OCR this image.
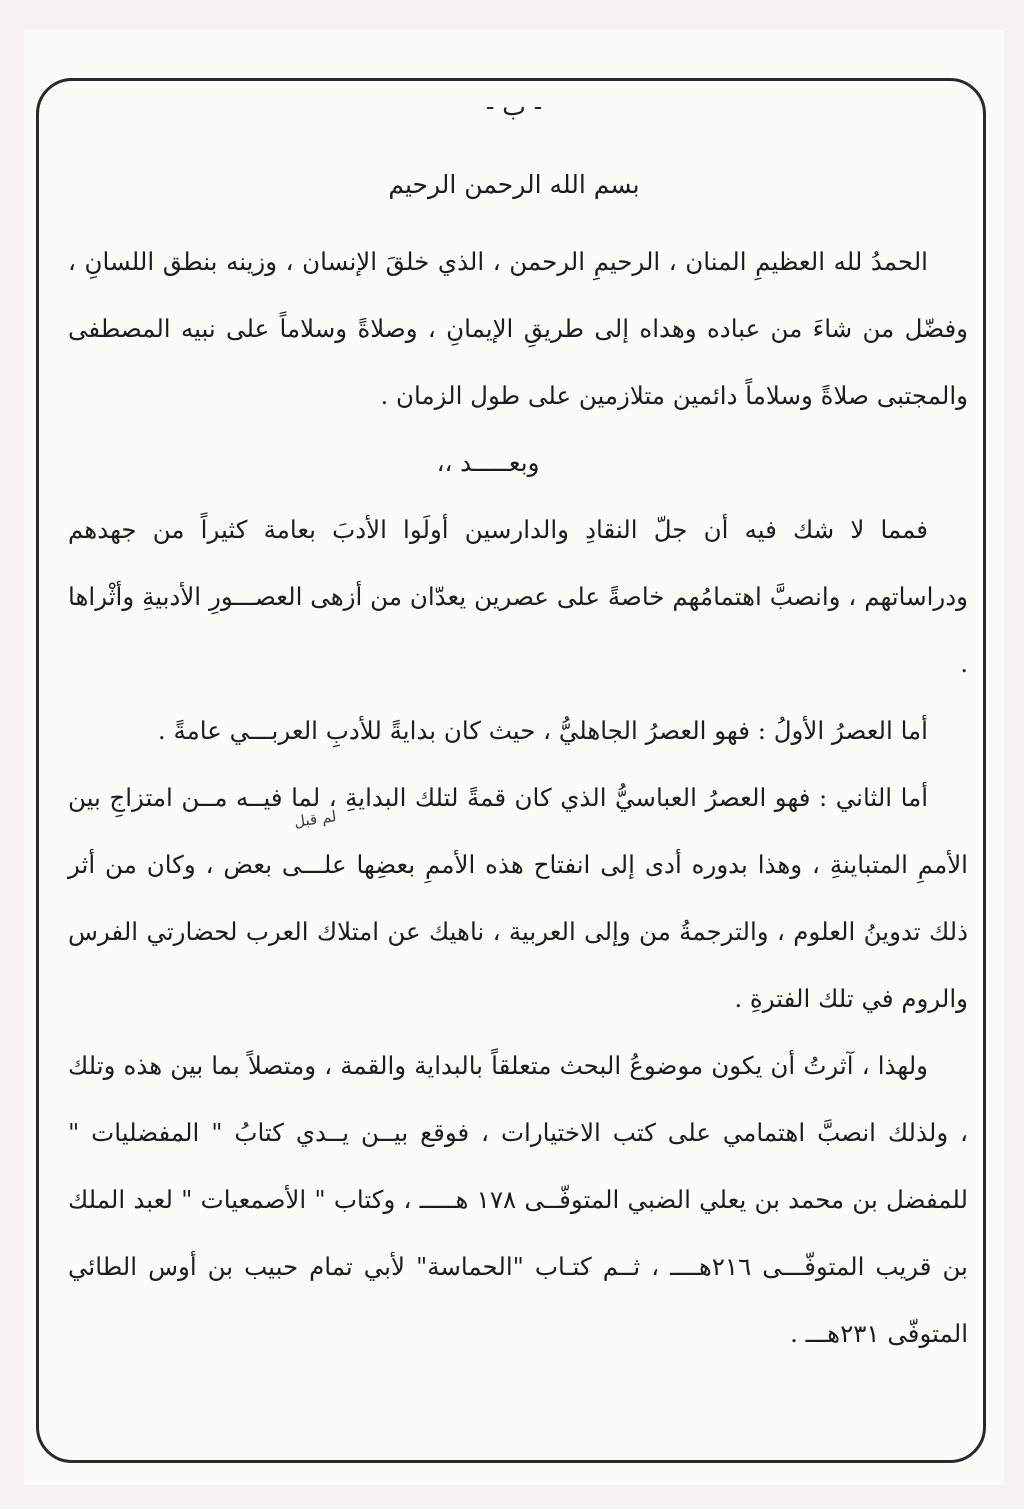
- ب -
بسم الله الرحمن الرحيم
لم قبل

الحمدُ لله العظيمِ المنان ، الرحيمِ الرحمن ، الذي خلقَ الإنسان ، وزينه بنطق اللسانِ ، وفضّل من شاءَ من عباده وهداه إلى طريقِ الإيمانِ ، وصلاةً وسلاماً على نبيه المصطفى والمجتبى صلاةً وسلاماً دائمين متلازمين على طول الزمان .

وبعـــــد ،،

فمما لا شك فيه أن جلّ النقادِ والدارسين أولَوا الأدبَ بعامة كثيراً من جهدهم ودراساتهم ، وانصبَّ اهتمامُهم خاصةً على عصرين يعدّان من أزهى العصـــورِ الأدبيةِ وأثْراها .

أما العصرُ الأولُ : فهو العصرُ الجاهليُّ ، حيث كان بدايةً للأدبِ العربـــي عامةً .

أما الثاني : فهو العصرُ العباسيُّ الذي كان قمةً لتلك البدايةِ ، لما فيــه مــن امتزاجِ بين الأممِ المتباينةِ ، وهذا بدوره أدى إلى انفتاح هذه الأممِ بعضِها علـــى بعض ، وكان من أثر ذلك تدوينُ العلوم ، والترجمةُ من وإلى العربية ، ناهيك عن امتلاك العرب لحضارتي الفرس والروم في تلك الفترةِ .

ولهذا ، آثرتُ أن يكون موضوعُ البحث متعلقاً بالبداية والقمة ، ومتصلاً بما بين هذه وتلك ، ولذلك انصبَّ اهتمامي على كتب الاختيارات ، فوقع بيــن يــدي كتابُ " المفضليات " للمفضل بن محمد بن يعلي الضبي المتوفّــى ١٧٨ هـــــ ، وكتاب " الأصمعيات " لعبد الملك بن قريب المتوفّـــى ٢١٦هــــ ، ثــم كتـاب "الحماسة" لأبي تمام حبيب بن أوس الطائي المتوفّى ٢٣١هـــ .
